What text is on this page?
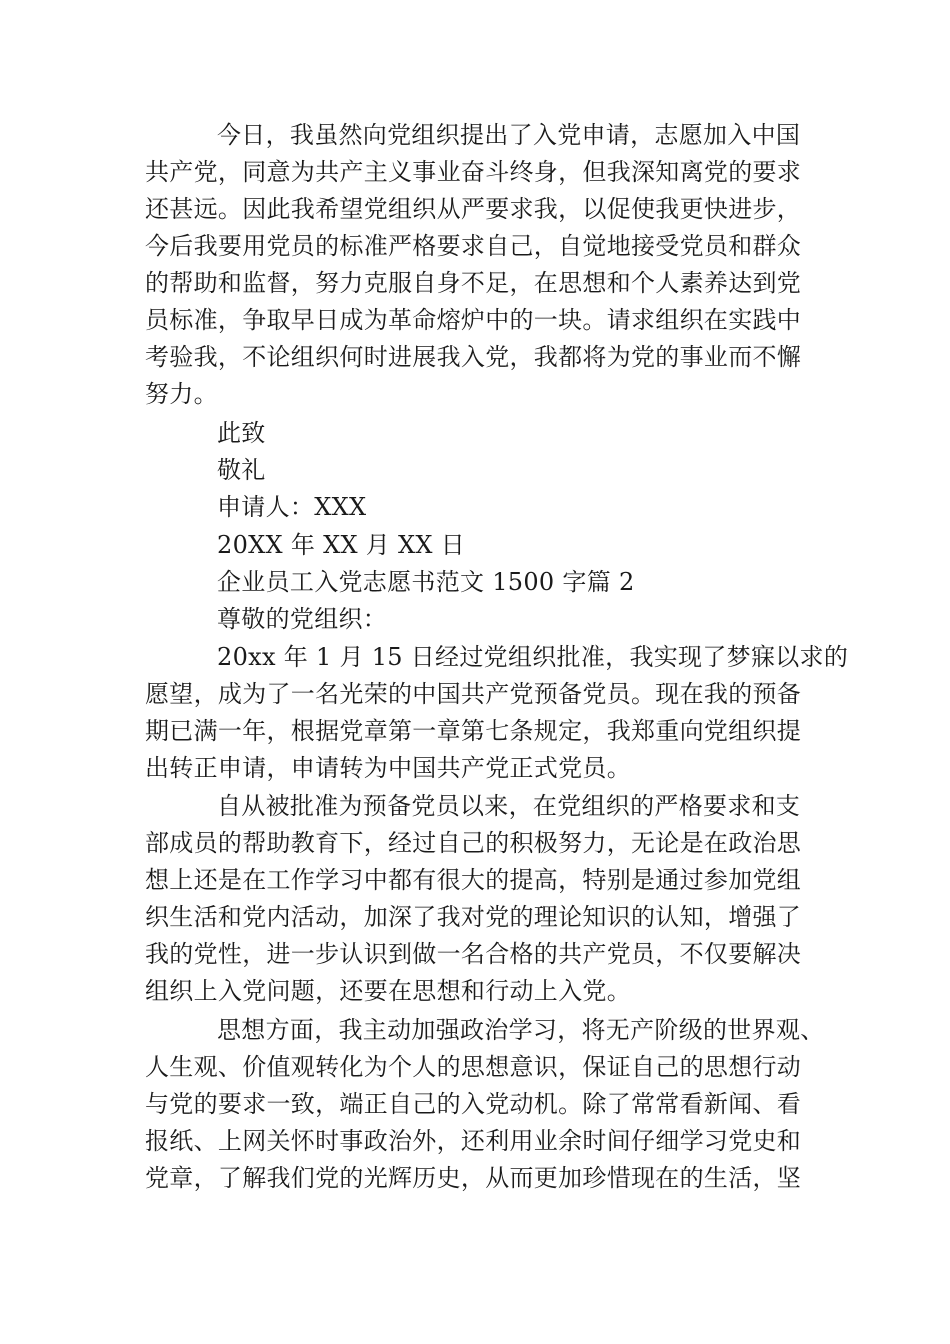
今日，我虽然向党组织提出了入党申请，志愿加入中国

共产党，同意为共产主义事业奋斗终身，但我深知离党的要求

还甚远。因此我希望党组织从严要求我，以促使我更快进步，

今后我要用党员的标准严格要求自己，自觉地接受党员和群众

的帮助和监督，努力克服自身不足，在思想和个人素养达到党

员标准，争取早日成为革命熔炉中的一块。请求组织在实践中

考验我，不论组织何时进展我入党，我都将为党的事业而不懈

努力。

此致

敬礼

申请人：XXX

20XX 年 XX 月 XX 日

企业员工入党志愿书范文 1500 字篇 2

尊敬的党组织：

20xx 年 1 月 15 日经过党组织批准，我实现了梦寐以求的

愿望，成为了一名光荣的中国共产党预备党员。现在我的预备

期已满一年，根据党章第一章第七条规定，我郑重向党组织提

出转正申请，申请转为中国共产党正式党员。

自从被批准为预备党员以来，在党组织的严格要求和支

部成员的帮助教育下，经过自己的积极努力，无论是在政治思

想上还是在工作学习中都有很大的提高，特别是通过参加党组

织生活和党内活动，加深了我对党的理论知识的认知，增强了

我的党性，进一步认识到做一名合格的共产党员，不仅要解决

组织上入党问题，还要在思想和行动上入党。

思想方面，我主动加强政治学习，将无产阶级的世界观、

人生观、价值观转化为个人的思想意识，保证自己的思想行动

与党的要求一致，端正自己的入党动机。除了常常看新闻、看

报纸、上网关怀时事政治外，还利用业余时间仔细学习党史和

党章，了解我们党的光辉历史，从而更加珍惜现在的生活，坚
